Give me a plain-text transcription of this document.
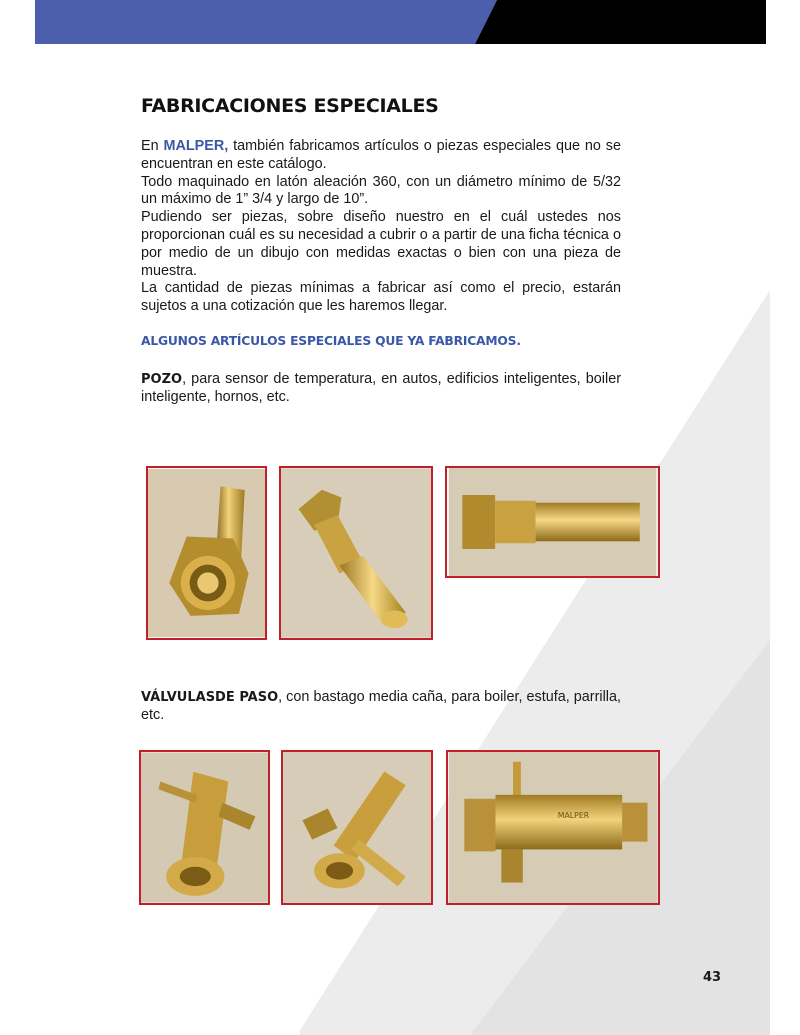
FABRICACIONES ESPECIALES

En MALPER, también fabricamos artículos o piezas especiales que no se encuentran en este catálogo.

Todo maquinado en latón aleación 360, con un diámetro mínimo de 5/32 un máximo de 1” 3/4 y largo de 10”.

Pudiendo ser piezas, sobre diseño nuestro en el cuál ustedes nos proporcionan cuál es su necesidad a cubrir o a partir de una ficha técnica o por medio de un dibujo con medidas exactas o bien con una pieza de muestra.

La cantidad de piezas mínimas a fabricar así como el precio, estarán sujetos a una cotización que les haremos llegar.

ALGUNOS ARTÍCULOS ESPECIALES QUE YA FABRICAMOS.
POZO, para sensor de temperatura, en autos, edificios inteligentes, boiler inteligente, hornos, etc.
VÁLVULASDE PASO, con bastago media caña, para boiler, estufa, parrilla, etc.
MALPER
43
